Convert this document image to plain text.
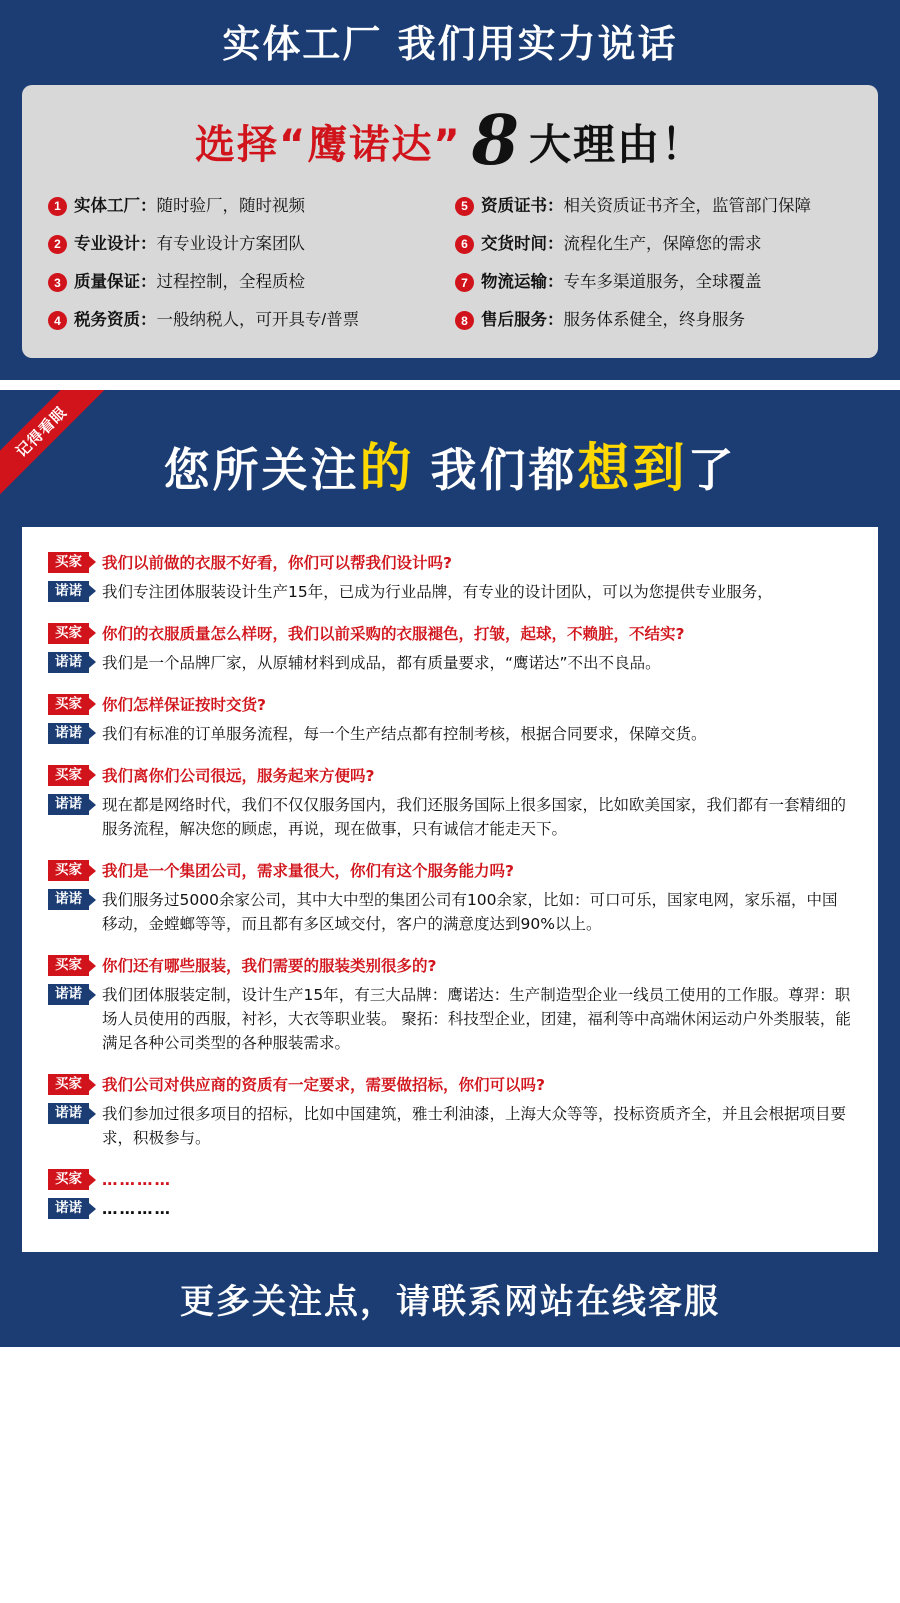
实体工厂 我们用实力说话
选择“鹰诺达” 8 大理由！
1 实体工厂：随时验厂，随时视频	5 资质证书：相关资质证书齐全，监管部门保障
2 专业设计：有专业设计方案团队	6 交货时间：流程化生产，保障您的需求
3 质量保证：过程控制，全程质检	7 物流运输：专车多渠道服务，全球覆盖
4 税务资质：一般纳税人，可开具专/普票	8 售后服务：服务体系健全，终身服务
记得看眼
您所关注的 我们都想到了
买家	我们以前做的衣服不好看，你们可以帮我们设计吗?
诺诺	我们专注团体服装设计生产15年，已成为行业品牌，有专业的设计团队，可以为您提供专业服务，
买家	你们的衣服质量怎么样呀，我们以前采购的衣服褪色，打皱，起球，不赖脏，不结实?
诺诺	我们是一个品牌厂家，从原辅材料到成品，都有质量要求，“鹰诺达”不出不良品。
买家	你们怎样保证按时交货?
诺诺	我们有标准的订单服务流程，每一个生产结点都有控制考核，根据合同要求，保障交货。
买家	我们离你们公司很远，服务起来方便吗?
诺诺	现在都是网络时代，我们不仅仅服务国内，我们还服务国际上很多国家，比如欧美国家，我们都有一套精细的服务流程，解决您的顾虑，再说，现在做事，只有诚信才能走天下。
买家	我们是一个集团公司，需求量很大，你们有这个服务能力吗?
诺诺	我们服务过5000余家公司，其中大中型的集团公司有100余家，比如：可口可乐，国家电网，家乐福，中国移动，金螳螂等等，而且都有多区域交付，客户的满意度达到90%以上。
买家	你们还有哪些服装，我们需要的服装类别很多的?
诺诺	我们团体服装定制，设计生产15年，有三大品牌：鹰诺达：生产制造型企业一线员工使用的工作服。尊羿：职场人员使用的西服，衬衫，大衣等职业装。 聚拓：科技型企业，团建，福利等中高端休闲运动户外类服装，能满足各种公司类型的各种服装需求。
买家	我们公司对供应商的资质有一定要求，需要做招标，你们可以吗?
诺诺	我们参加过很多项目的招标，比如中国建筑，雅士利油漆，上海大众等等，投标资质齐全，并且会根据项目要求，积极参与。
买家	…………
诺诺	…………
更多关注点，请联系网站在线客服
